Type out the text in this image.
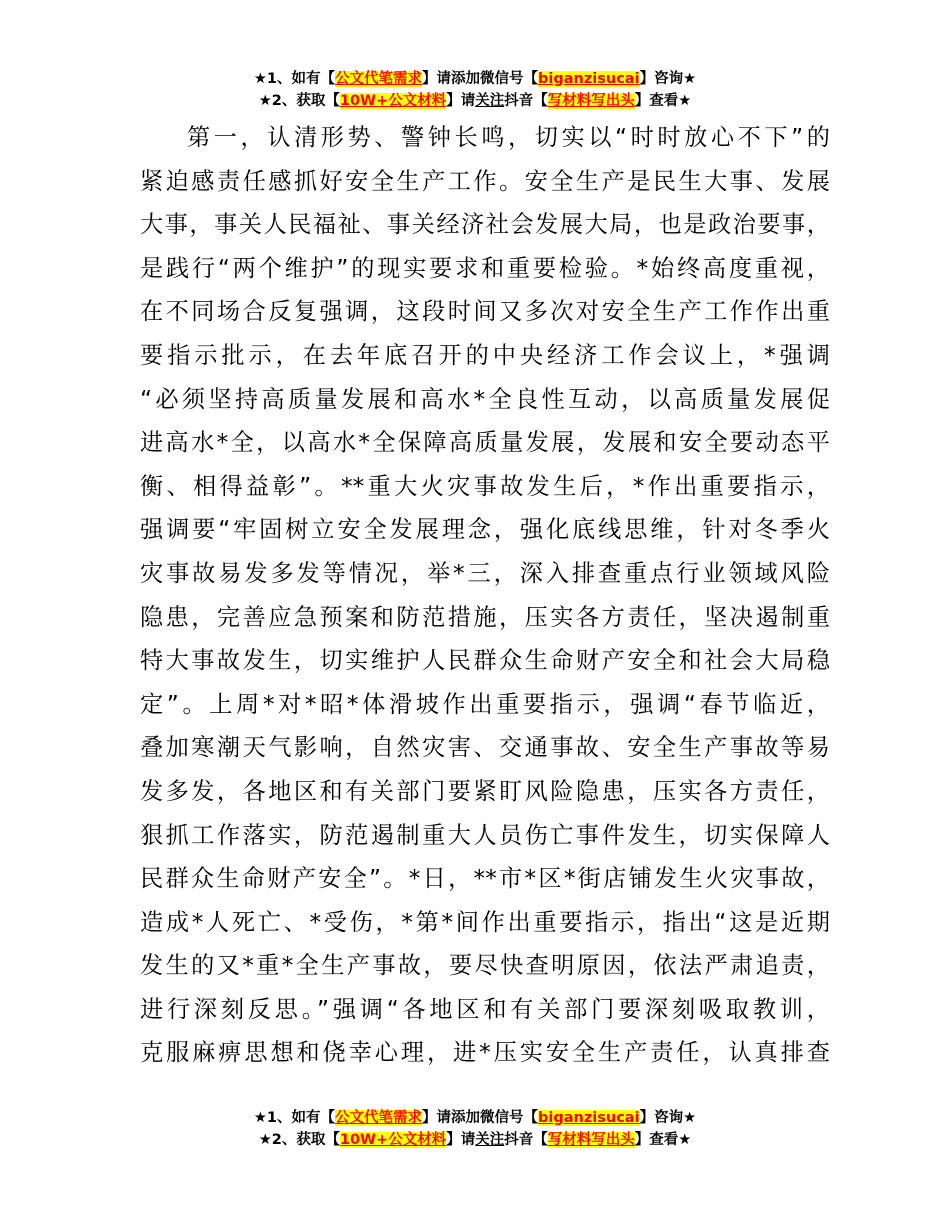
★1、如有【公文代笔需求】请添加微信号【biganzisucai】咨询★
★2、获取【10W+公文材料】请关注抖音【写材料写出头】查看★
第一，认清形势、警钟长鸣，切实以“时时放心不下”的
紧迫感责任感抓好安全生产工作。安全生产是民生大事、发展
大事，事关人民福祉、事关经济社会发展大局，也是政治要事，
是践行“两个维护”的现实要求和重要检验。*始终高度重视，
在不同场合反复强调，这段时间又多次对安全生产工作作出重
要指示批示，在去年底召开的中央经济工作会议上，*强调
“必须坚持高质量发展和高水*全良性互动，以高质量发展促
进高水*全，以高水*全保障高质量发展，发展和安全要动态平
衡、相得益彰”。**重大火灾事故发生后，*作出重要指示，
强调要“牢固树立安全发展理念，强化底线思维，针对冬季火
灾事故易发多发等情况，举*三，深入排查重点行业领域风险
隐患，完善应急预案和防范措施，压实各方责任，坚决遏制重
特大事故发生，切实维护人民群众生命财产安全和社会大局稳
定”。上周*对*昭*体滑坡作出重要指示，强调“春节临近，
叠加寒潮天气影响，自然灾害、交通事故、安全生产事故等易
发多发，各地区和有关部门要紧盯风险隐患，压实各方责任，
狠抓工作落实，防范遏制重大人员伤亡事件发生，切实保障人
民群众生命财产安全”。*日，**市*区*街店铺发生火灾事故，
造成*人死亡、*受伤，*第*间作出重要指示，指出“这是近期
发生的又*重*全生产事故，要尽快查明原因，依法严肃追责，
进行深刻反思。”强调“各地区和有关部门要深刻吸取教训，
克服麻痹思想和侥幸心理，进*压实安全生产责任，认真排查
★1、如有【公文代笔需求】请添加微信号【biganzisucai】咨询★
★2、获取【10W+公文材料】请关注抖音【写材料写出头】查看★
